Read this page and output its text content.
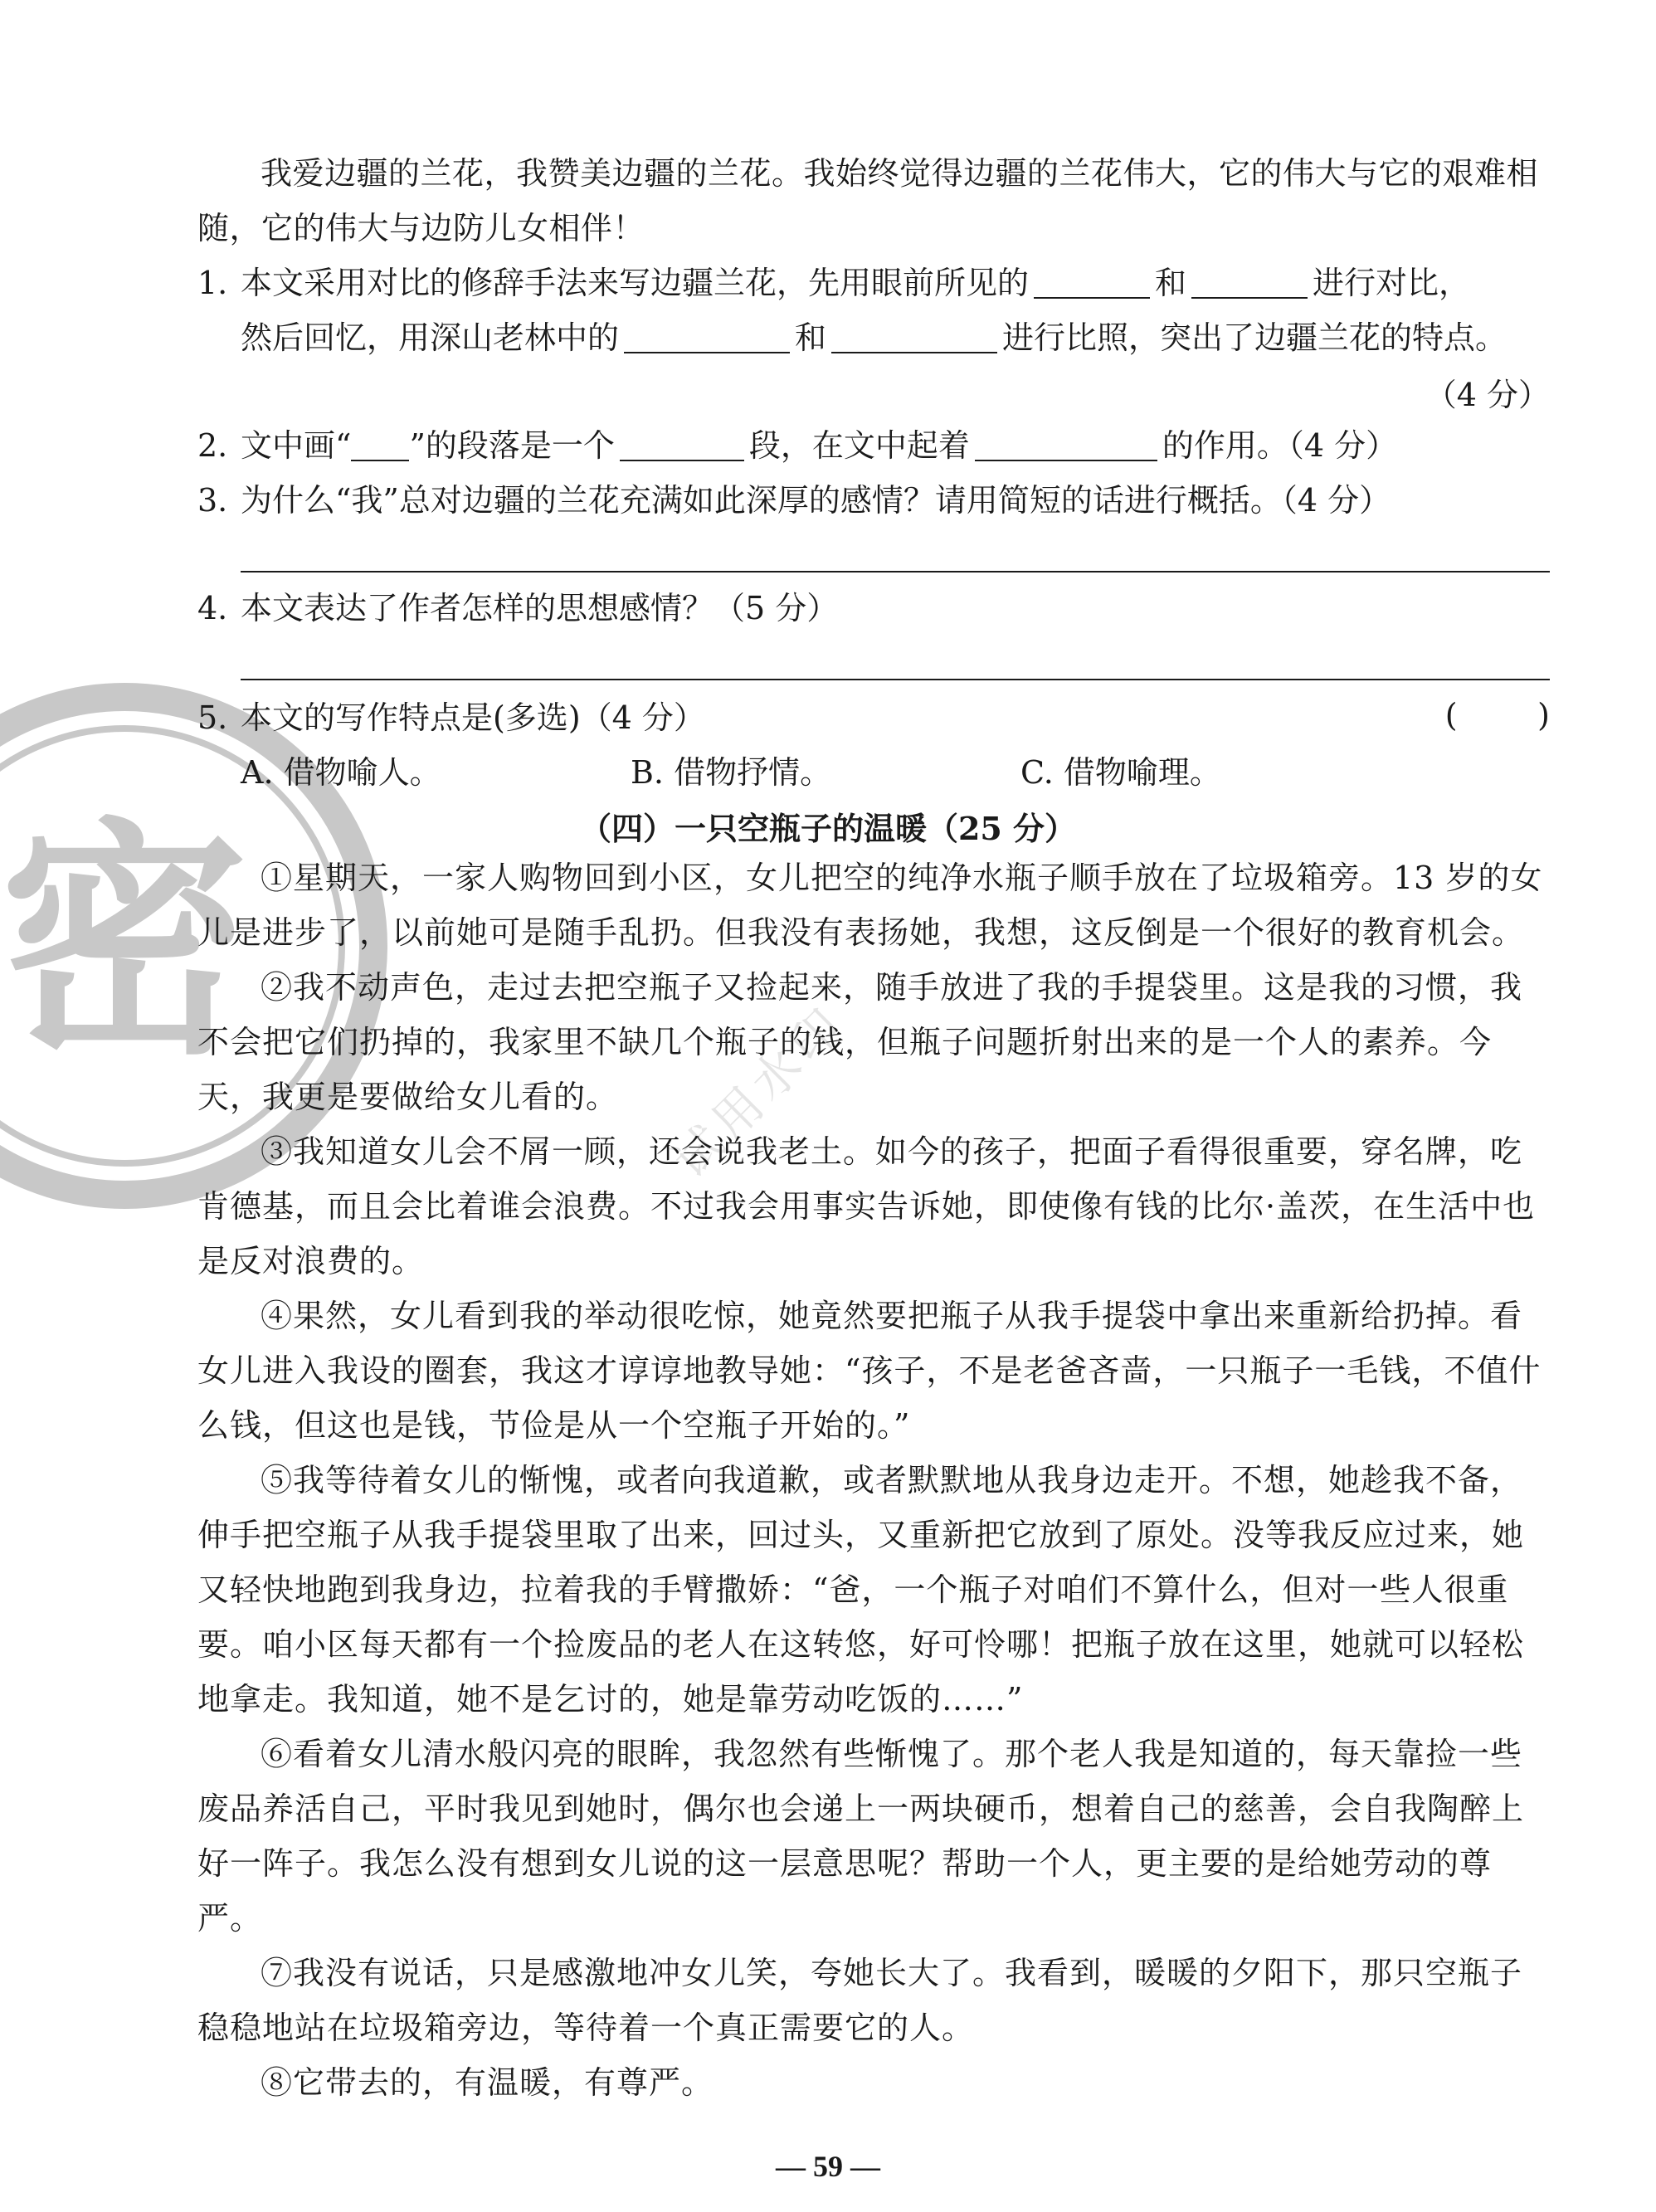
密
试用水印

我爱边疆的兰花，我赞美边疆的兰花。我始终觉得边疆的兰花伟大，它的伟大与它的艰难相随，它的伟大与边防儿女相伴！

1. 本文采用对比的修辞手法来写边疆兰花，先用眼前所见的	和	进行对比，
然后回忆，用深山老林中的	和	进行比照，突出了边疆兰花的特点。
（4 分）
2. 文中画“ ”的段落是一个	段，在文中起着	的作用。（4 分）
3. 为什么“我”总对边疆的兰花充满如此深厚的感情？请用简短的话进行概括。（4 分）
4. 本文表达了作者怎样的思想感情？（5 分）
5. 本文的写作特点是(多选)（4 分）	(        )
A. 借物喻人。	B. 借物抒情。	C. 借物喻理。
（四）一只空瓶子的温暖（25 分）

①星期天，一家人购物回到小区，女儿把空的纯净水瓶子顺手放在了垃圾箱旁。13 岁的女儿是进步了，以前她可是随手乱扔。但我没有表扬她，我想，这反倒是一个很好的教育机会。

②我不动声色，走过去把空瓶子又捡起来，随手放进了我的手提袋里。这是我的习惯，我不会把它们扔掉的，我家里不缺几个瓶子的钱，但瓶子问题折射出来的是一个人的素养。今天，我更是要做给女儿看的。

③我知道女儿会不屑一顾，还会说我老土。如今的孩子，把面子看得很重要，穿名牌，吃肯德基，而且会比着谁会浪费。不过我会用事实告诉她，即使像有钱的比尔·盖茨，在生活中也是反对浪费的。

④果然，女儿看到我的举动很吃惊，她竟然要把瓶子从我手提袋中拿出来重新给扔掉。看女儿进入我设的圈套，我这才谆谆地教导她：“孩子，不是老爸吝啬，一只瓶子一毛钱，不值什么钱，但这也是钱，节俭是从一个空瓶子开始的。”

⑤我等待着女儿的惭愧，或者向我道歉，或者默默地从我身边走开。不想，她趁我不备，伸手把空瓶子从我手提袋里取了出来，回过头，又重新把它放到了原处。没等我反应过来，她又轻快地跑到我身边，拉着我的手臂撒娇：“爸，一个瓶子对咱们不算什么，但对一些人很重要。咱小区每天都有一个捡废品的老人在这转悠，好可怜哪！把瓶子放在这里，她就可以轻松地拿走。我知道，她不是乞讨的，她是靠劳动吃饭的……”

⑥看着女儿清水般闪亮的眼眸，我忽然有些惭愧了。那个老人我是知道的，每天靠捡一些废品养活自己，平时我见到她时，偶尔也会递上一两块硬币，想着自己的慈善，会自我陶醉上好一阵子。我怎么没有想到女儿说的这一层意思呢？帮助一个人，更主要的是给她劳动的尊严。

⑦我没有说话，只是感激地冲女儿笑，夸她长大了。我看到，暖暖的夕阳下，那只空瓶子稳稳地站在垃圾箱旁边，等待着一个真正需要它的人。

⑧它带去的，有温暖，有尊严。

— 59 —
